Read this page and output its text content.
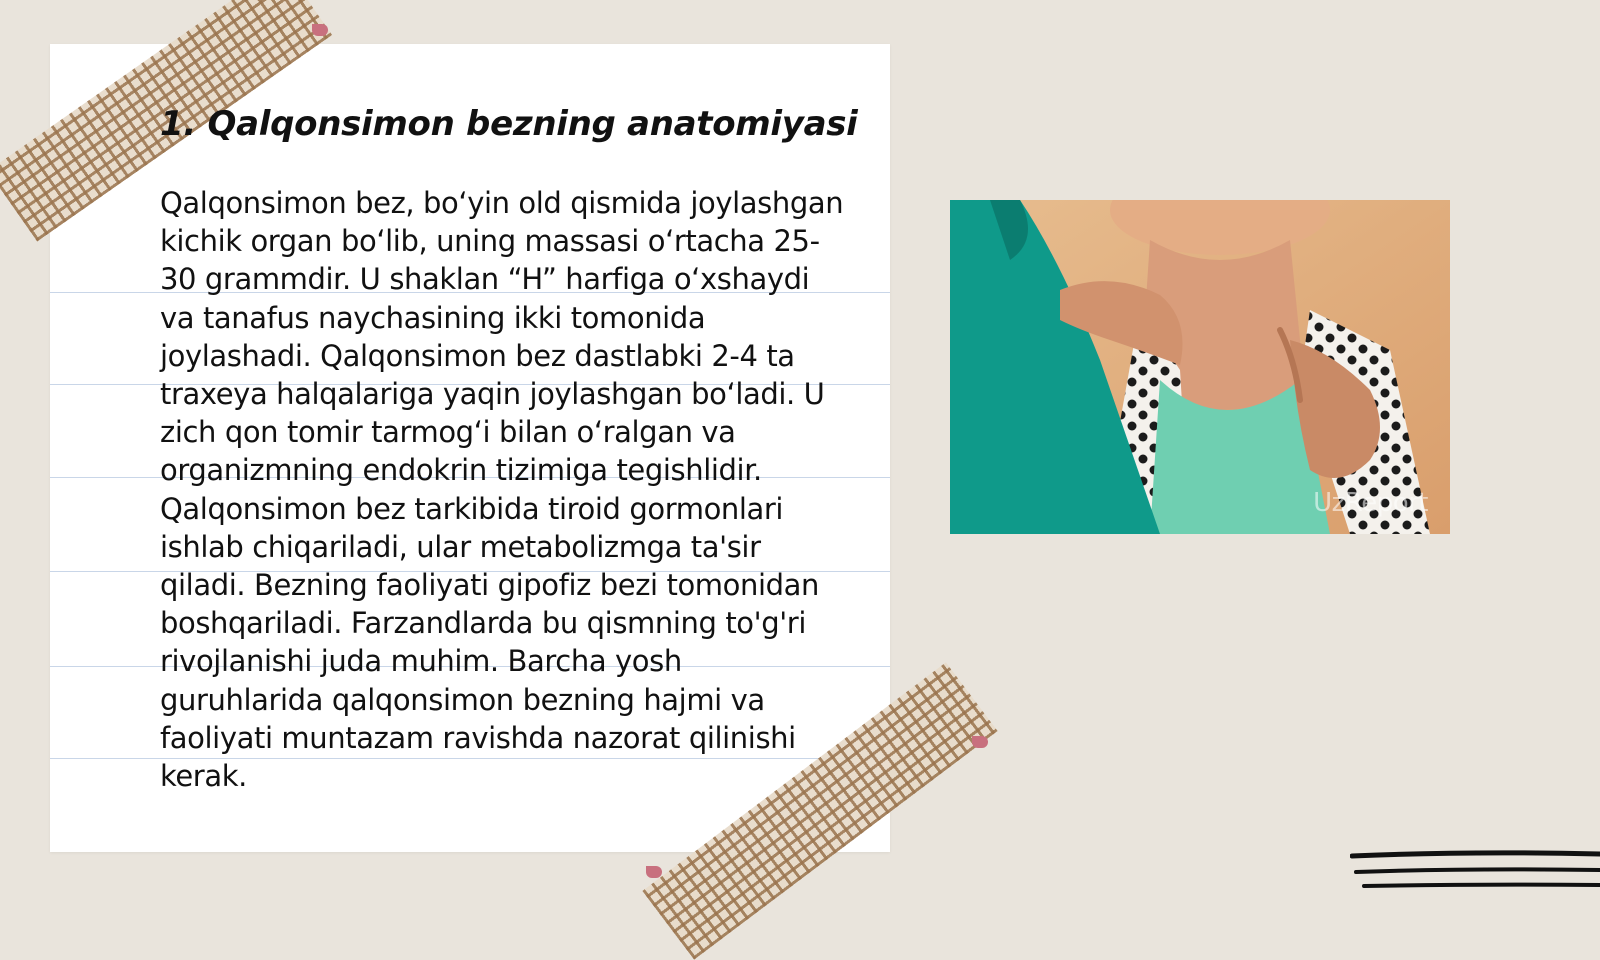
1. Qalqonsimon bezning anatomiyasi
Qalqonsimon bez, bo‘yin old qismida joylashgan kichik organ bo‘lib, uning massasi o‘rtacha 25-30 grammdir. U shaklan “H” harfiga o‘xshaydi va tanafus naychasining ikki tomonida joylashadi. Qalqonsimon bez dastlabki 2-4 ta traxeya halqalariga yaqin joylashgan bo‘ladi. U zich qon tomir tarmog‘i bilan o‘ralgan va organizmning endokrin tizimiga tegishlidir. Qalqonsimon bez tarkibida tiroid gormonlari ishlab chiqariladi, ular metabolizmga ta'sir qiladi. Bezning faoliyati gipofiz bezi tomonidan boshqariladi. Farzandlarda bu qismning to'g'ri rivojlanishi juda muhim. Barcha yosh guruhlarida qalqonsimon bezning hajmi va faoliyati muntazam ravishda nazorat qilinishi kerak.
UzReport
